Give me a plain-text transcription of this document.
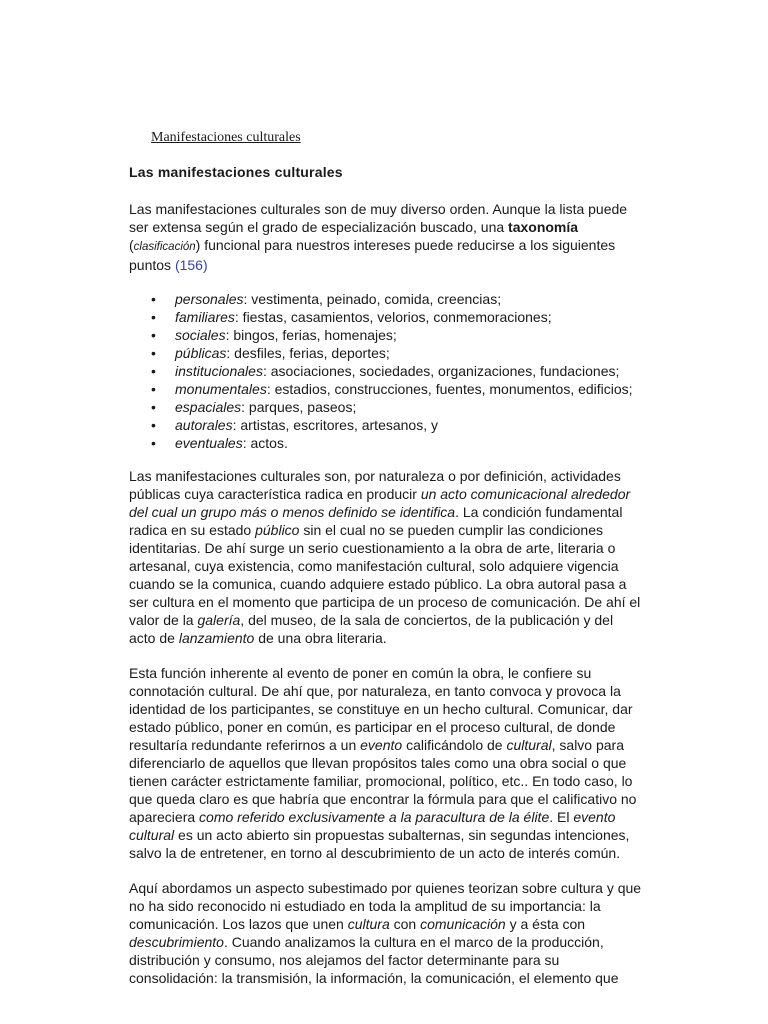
Manifestaciones culturales
Las manifestaciones culturales

Las manifestaciones culturales son de muy diverso orden. Aunque la lista puede
ser extensa según el grado de especialización buscado, una taxonomía
(clasificación) funcional para nuestros intereses puede reducirse a los siguientes
puntos (156)

• personales: vestimenta, peinado, comida, creencias;
• familiares: fiestas, casamientos, velorios, conmemoraciones;
• sociales: bingos, ferias, homenajes;
• públicas: desfiles, ferias, deportes;
• institucionales: asociaciones, sociedades, organizaciones, fundaciones;
• monumentales: estadios, construcciones, fuentes, monumentos, edificios;
• espaciales: parques, paseos;
• autorales: artistas, escritores, artesanos, y
• eventuales: actos.

Las manifestaciones culturales son, por naturaleza o por definición, actividades
públicas cuya característica radica en producir un acto comunicacional alrededor
del cual un grupo más o menos definido se identifica. La condición fundamental
radica en su estado público sin el cual no se pueden cumplir las condiciones
identitarias. De ahí surge un serio cuestionamiento a la obra de arte, literaria o
artesanal, cuya existencia, como manifestación cultural, solo adquiere vigencia
cuando se la comunica, cuando adquiere estado público. La obra autoral pasa a
ser cultura en el momento que participa de un proceso de comunicación. De ahí el
valor de la galería, del museo, de la sala de conciertos, de la publicación y del
acto de lanzamiento de una obra literaria.

Esta función inherente al evento de poner en común la obra, le confiere su
connotación cultural. De ahí que, por naturaleza, en tanto convoca y provoca la
identidad de los participantes, se constituye en un hecho cultural. Comunicar, dar
estado público, poner en común, es participar en el proceso cultural, de donde
resultaría redundante referirnos a un evento calificándolo de cultural, salvo para
diferenciarlo de aquellos que llevan propósitos tales como una obra social o que
tienen carácter estrictamente familiar, promocional, político, etc.. En todo caso, lo
que queda claro es que habría que encontrar la fórmula para que el calificativo no
apareciera como referido exclusivamente a la paracultura de la élite. El evento
cultural es un acto abierto sin propuestas subalternas, sin segundas intenciones,
salvo la de entretener, en torno al descubrimiento de un acto de interés común.

Aquí abordamos un aspecto subestimado por quienes teorizan sobre cultura y que
no ha sido reconocido ni estudiado en toda la amplitud de su importancia: la
comunicación. Los lazos que unen cultura con comunicación y a ésta con
descubrimiento. Cuando analizamos la cultura en el marco de la producción,
distribución y consumo, nos alejamos del factor determinante para su
consolidación: la transmisión, la información, la comunicación, el elemento que
